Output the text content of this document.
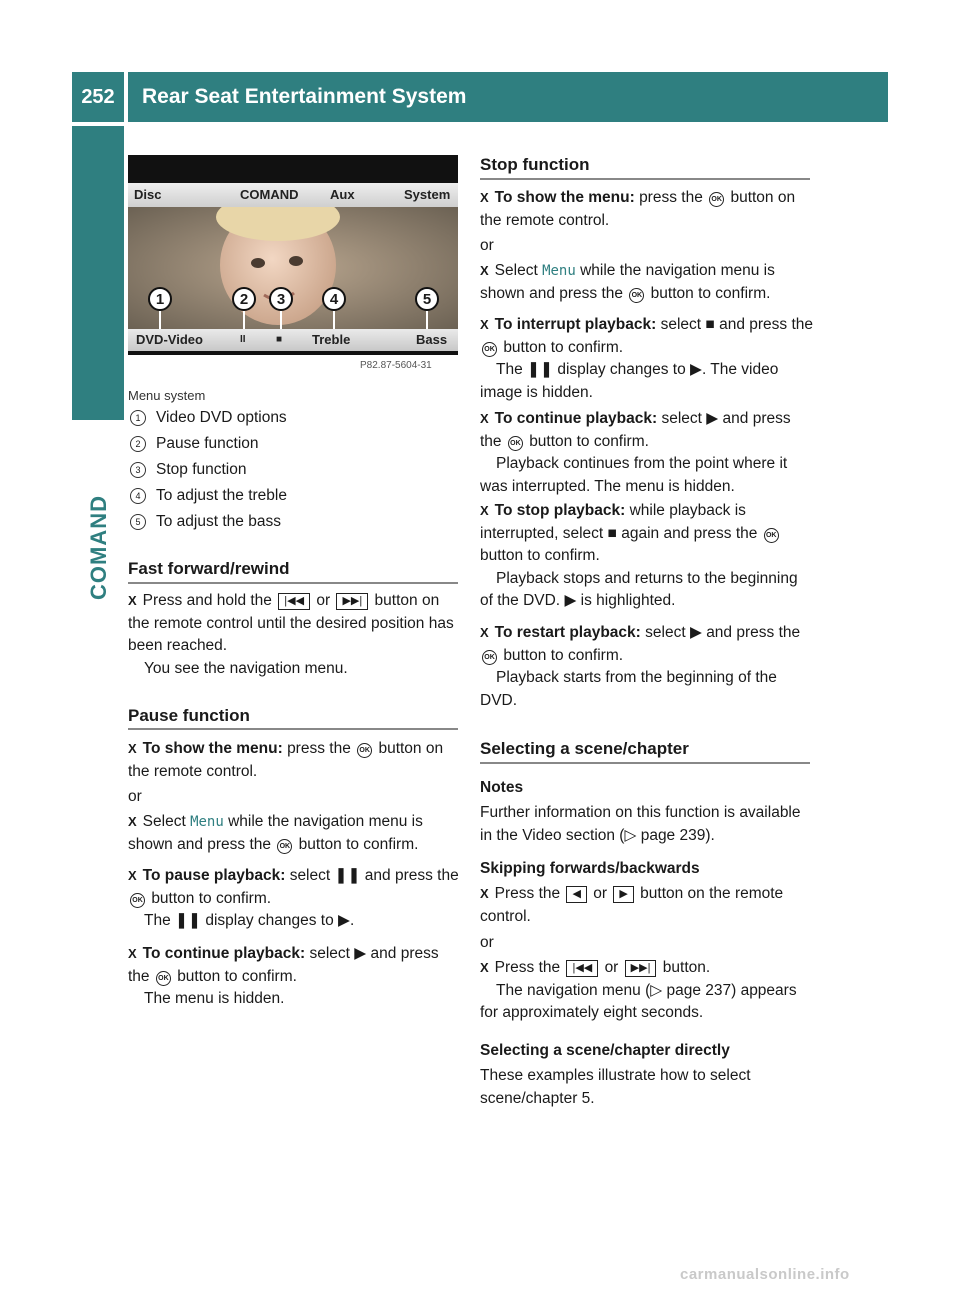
252	Rear Seat Entertainment System
COMAND
Disc	COMAND Aux	System
1	2	3	4	5
DVD-Video	II	■ Treble	Bass
P82.87-5604-31
Menu system
1 Video DVD options
2 Pause function
3 Stop function
4 To adjust the treble
5 To adjust the bass
Fast forward/rewind
X Press and hold the |◀◀ or ▶▶| button on the remote control until the desired position has been reached.
You see the navigation menu.
Pause function
X To show the menu: press the OK button on the remote control.
or
X Select Menu while the navigation menu is shown and press the OK button to confirm.
X To pause playback: select ❚❚ and press the OK button to confirm.
The ❚❚ display changes to ▶.
X To continue playback: select ▶ and press the OK button to confirm.
The menu is hidden.
Stop function
X To show the menu: press the OK button on the remote control.
or
X Select Menu while the navigation menu is shown and press the OK button to confirm.
X To interrupt playback: select ■ and press the OK button to confirm.
The ❚❚ display changes to ▶. The video image is hidden.
X To continue playback: select ▶ and press the OK button to confirm.
Playback continues from the point where it was interrupted. The menu is hidden.
X To stop playback: while playback is interrupted, select ■ again and press the OK button to confirm.
Playback stops and returns to the beginning of the DVD. ▶ is highlighted.
X To restart playback: select ▶ and press the OK button to confirm.
Playback starts from the beginning of the DVD.
Selecting a scene/chapter
Notes
Further information on this function is available in the Video section (▷ page 239).
Skipping forwards/backwards
X Press the ◀ or ▶ button on the remote control.
or
X Press the |◀◀ or ▶▶| button.
The navigation menu (▷ page 237) appears for approximately eight seconds.
Selecting a scene/chapter directly
These examples illustrate how to select scene/chapter 5.
carmanualsonline.info
